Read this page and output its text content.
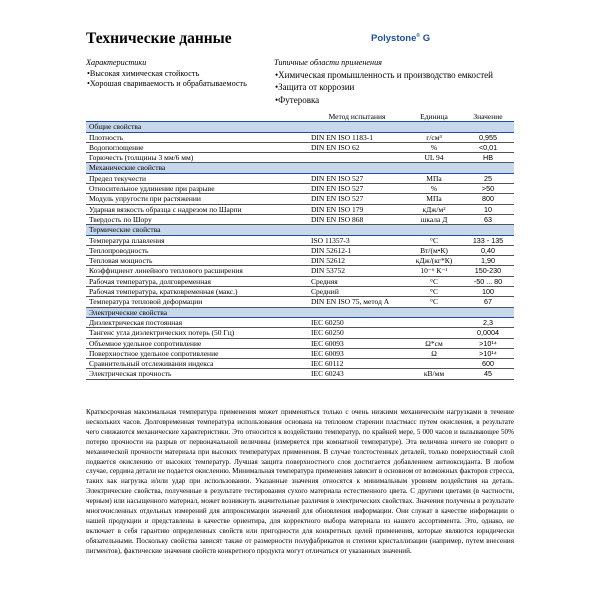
Технические данные	Polystone® G
Характеристики
• Высокая химическая стойкость
• Хорошая свариваемость и обрабатываемость
Типичные области применения
• Химическая промышленность и производство емкостей
• Защита от коррозии
• Футеровка
	Метод испытания	Единица	Значение
Общие свойства			
Плотность	DIN EN ISO 1183-1	г/см³	0,955
Водопоглощение	DIN EN ISO 62	%	<0,01
Горючесть (толщины 3 мм/6 мм)		UL 94	HB
Механические свойства			
Предел текучести	DIN EN ISO 527	МПа	25
Относительное удлинение при разрыве	DIN EN ISO 527	%	>50
Модуль упругости при растяжении	DIN EN ISO 527	МПа	800
Ударная вязкость образца с надрезом по Шарпи	DIN EN ISO 179	кДж/м²	10
Твердость по Шору	DIN EN ISO 868	шкала Д	63
Термические свойства			
Температура плавления	ISO 11357-3	°C	133 - 135
Теплопроводность	DIN 52612-1	Вт/(м•К)	0,40
Тепловая мощность	DIN 52612	кДж/(кг*К)	1,90
Коэффициент линейного теплового расширения	DIN 53752	10⁻⁶ К⁻¹	150-230
Рабочая температура, долговременная	Средняя	°C	-50 ... 80
Рабочая температура, кратковременная (макс.)	Средний	°C	100
Температура тепловой деформации	DIN EN ISO 75, метод A	°C	67
Электрические свойства			
Диэлектрическая постоянная	IEC 60250		2,3
Тангенс угла диэлектрических потерь (50 Гц)	IEC 60250		0,0004
Объемное удельное сопротивление	IEC 60093	Ω*см	>10¹⁴
Поверхностное удельное сопротивление	IEC 60093	Ω	>10¹⁴
Сравнительный отслеживания индекса	IEC 60112		600
Электрическая прочность	IEC 60243	кВ/мм	45
Краткосрочная максимальная температура применения может применяться только с очень низкими механическим нагрузками в течение нескольких часов. Долговременная температура использования основана на тепловом старении пластмасс путем окисления, в результате чего снижаются механические характеристики. Это относится к воздействию температур, по крайней мере, 5 000 часов и вызывающее 50% потерю прочности на разрыв от первоначальной величины (измеряется при комнатной температуре). Эта величина ничего не говорит о механической прочности материала при высоких температурах применения. В случае толстостенных деталей, только поверхностный слой подвается окислению от высоких температур. Лучшая защита поверхностного слоя достигается добавлением антиоксиданта. В любом случае, сердина детали не подается окислению. Минимальная температура применения зависит в основном от возможных факторов стресса, таких как нагрузка и/или удар при использовании. Указанные значения относятся к минимальным уровням воздействия на деталь. Электрические свойства, полученные в результате тестирования сухого материала естественного цвета. С другими цветами (в частности, черным) или насыщенного материал, может возникнуть значительные различия в электрических свойствах. Значения получены в результате многочисленных отдельных измерений для аппроксимации значений для обновления информации. Они служат в качестве информации о нашей продукции и представлены в качестве ориентира, для корректного выбора материала из нашего ассортимента. Это, однако, не включает в себя гарантию определенных свойств или пригодности для конкретных целей применения, которые являются юридически обязательными. Поскольку свойства зависят также от размерности полуфабрикатов и степени кристаллизации (например, путем внесения пигментов), фактические значения свойств конкретного продукта могут отличаться от указанных значений.
